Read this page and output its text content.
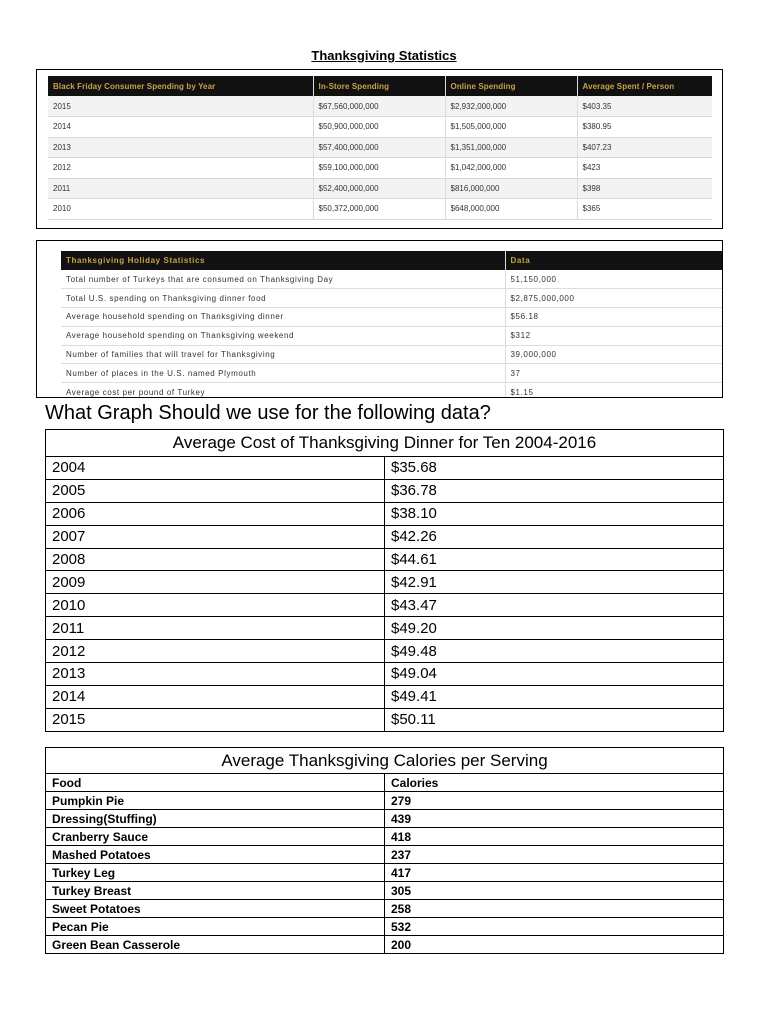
Thanksgiving Statistics
Black Friday Consumer Spending by Year	In-Store Spending	Online Spending	Average Spent / Person
2015	$67,560,000,000	$2,932,000,000	$403.35
2014	$50,900,000,000	$1,505,000,000	$380.95
2013	$57,400,000,000	$1,351,000,000	$407.23
2012	$59,100,000,000	$1,042,000,000	$423
2011	$52,400,000,000	$816,000,000	$398
2010	$50,372,000,000	$648,000,000	$365
Thanksgiving Holiday Statistics	Data
Total number of Turkeys that are consumed on Thanksgiving Day	51,150,000
Total U.S. spending on Thanksgiving dinner food	$2,875,000,000
Average household spending on Thanksgiving dinner	$56.18
Average household spending on Thanksgiving weekend	$312
Number of families that will travel for Thanksgiving	39,000,000
Number of places in the U.S. named Plymouth	37
Average cost per pound of Turkey	$1.15
What Graph Should we use for the following data?
Average Cost of Thanksgiving Dinner for Ten 2004-2016	
2004	$35.68
2005	$36.78
2006	$38.10
2007	$42.26
2008	$44.61
2009	$42.91
2010	$43.47
2011	$49.20
2012	$49.48
2013	$49.04
2014	$49.41
2015	$50.11
Average Thanksgiving Calories per Serving	
Food	Calories
Pumpkin Pie	279
Dressing(Stuffing)	439
Cranberry Sauce	418
Mashed Potatoes	237
Turkey Leg	417
Turkey Breast	305
Sweet Potatoes	258
Pecan Pie	532
Green Bean Casserole	200
